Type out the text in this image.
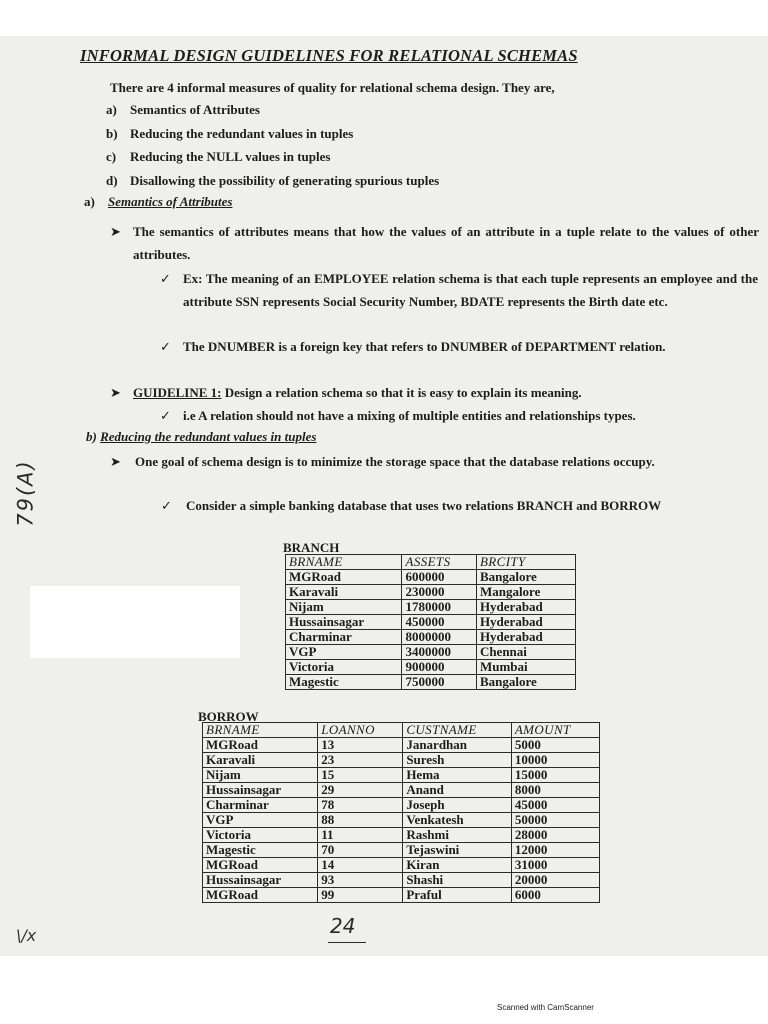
INFORMAL DESIGN GUIDELINES FOR RELATIONAL SCHEMAS
There are 4 informal measures of quality for relational schema design. They are,
a) Semantics of Attributes
b) Reducing the redundant values in tuples
c) Reducing the NULL values in tuples
d) Disallowing the possibility of generating spurious tuples
a) Semantics of Attributes
➤ The semantics of attributes means that how the values of an attribute in a tuple relate to the values of other attributes.
✓ Ex: The meaning of an EMPLOYEE relation schema is that each tuple represents an employee and the attribute SSN represents Social Security Number, BDATE represents the Birth date etc.
✓ The DNUMBER is a foreign key that refers to DNUMBER of DEPARTMENT relation.
➤ GUIDELINE 1: Design a relation schema so that it is easy to explain its meaning.
✓ i.e A relation should not have a mixing of multiple entities and relationships types.
b) Reducing the redundant values in tuples
➤ One goal of schema design is to minimize the storage space that the database relations occupy.
✓ Consider a simple banking database that uses two relations BRANCH and BORROW
BRANCH
BRNAME	ASSETS	BRCITY
MGRoad	600000	Bangalore
Karavali	230000	Mangalore
Nijam	1780000	Hyderabad
Hussainsagar	450000	Hyderabad
Charminar	8000000	Hyderabad
VGP	3400000	Chennai
Victoria	900000	Mumbai
Magestic	750000	Bangalore
BORROW
BRNAME	LOANNO	CUSTNAME	AMOUNT
MGRoad	13	Janardhan	5000
Karavali	23	Suresh	10000
Nijam	15	Hema	15000
Hussainsagar	29	Anand	8000
Charminar	78	Joseph	45000
VGP	88	Venkatesh	50000
Victoria	11	Rashmi	28000
Magestic	70	Tejaswini	12000
MGRoad	14	Kiran	31000
Hussainsagar	93	Shashi	20000
MGRoad	99	Praful	6000
79(A)
24
\/x
Scanned with CamScanner
